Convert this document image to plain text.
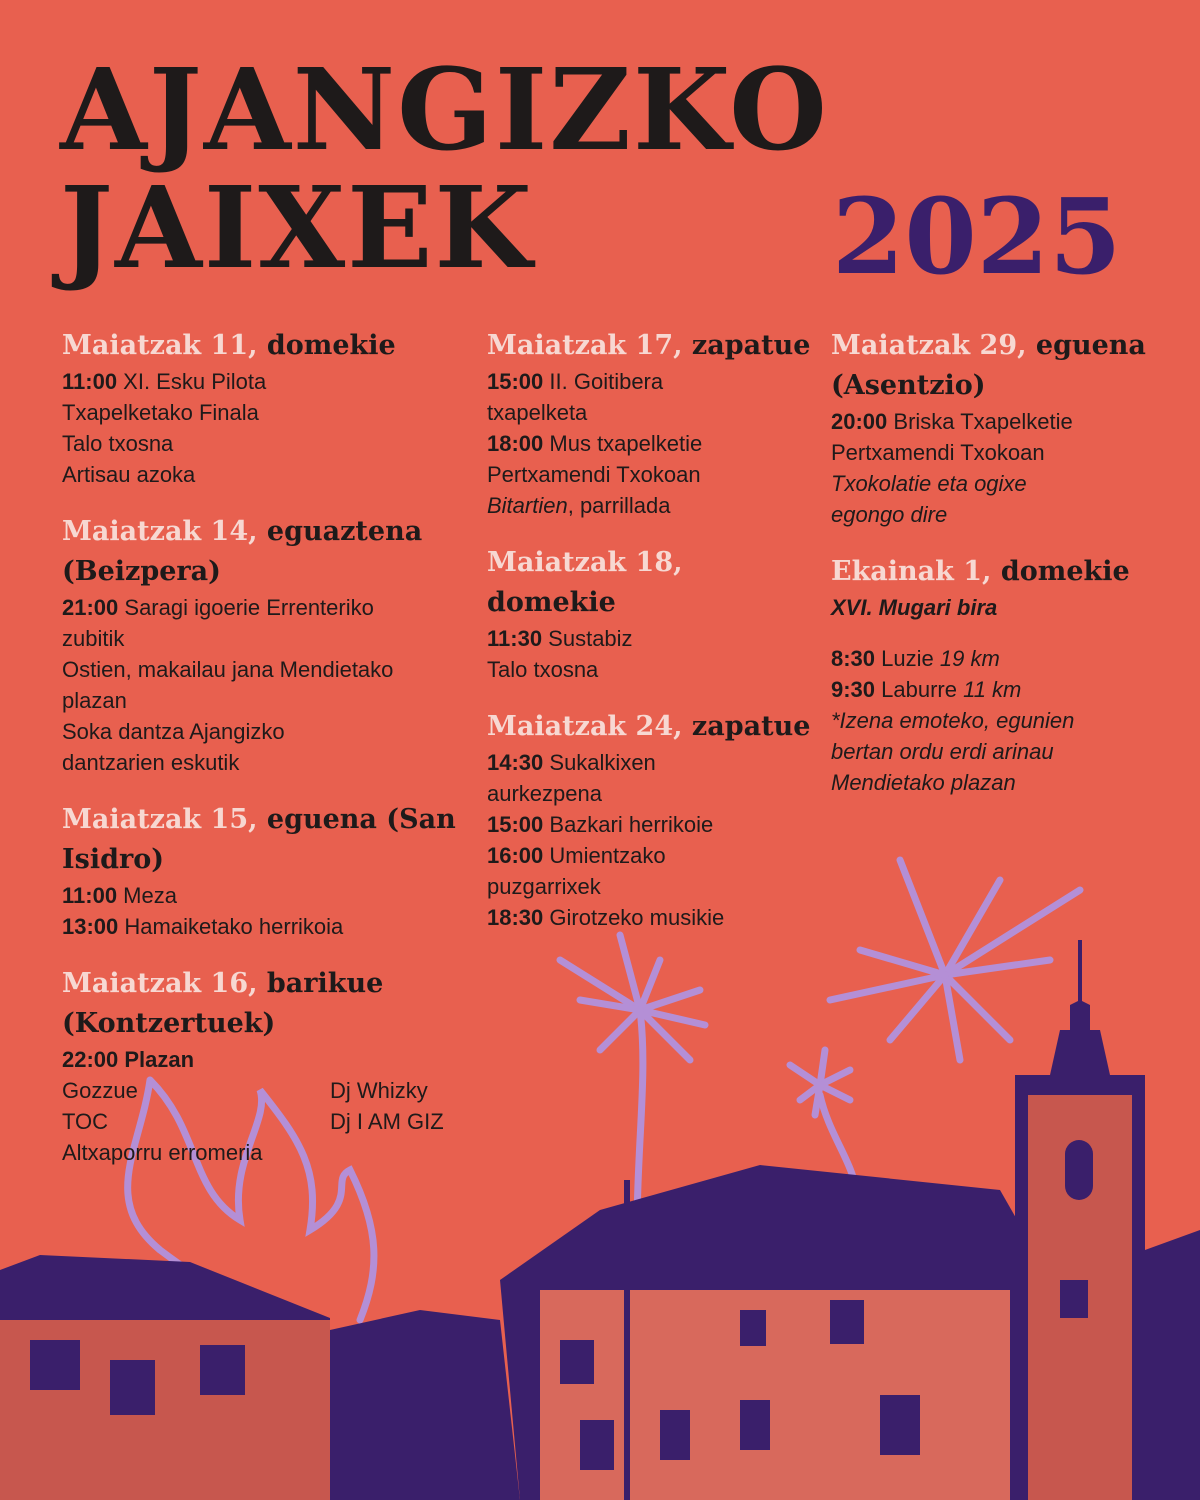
AJANGIZKO
JAIXEK	2025
Maiatzak 11, domekie
11:00 XI. Esku Pilota
Txapelketako Finala
Talo txosna
Artisau azoka
Maiatzak 14, eguaztena
(Beizpera)
21:00 Saragi igoerie Errenteriko
zubitik
Ostien, makailau jana Mendietako
plazan
Soka dantza Ajangizko
dantzarien eskutik
Maiatzak 15, eguena (San
Isidro)
11:00 Meza
13:00 Hamaiketako herrikoia
Maiatzak 16, barikue
(Kontzertuek)
22:00 Plazan
Gozzue
TOC
Dj Whizky
Dj I AM GIZ
Altxaporru erromeria
Maiatzak 17, zapatue
15:00 II. Goitibera
txapelketa
18:00 Mus txapelketie
Pertxamendi Txokoan
Bitartien, parrillada
Maiatzak 18, domekie
11:30 Sustabiz
Talo txosna
Maiatzak 24, zapatue
14:30 Sukalkixen
aurkezpena
15:00 Bazkari herrikoie
16:00 Umientzako
puzgarrixek
18:30 Girotzeko musikie
Maiatzak 29, eguena
(Asentzio)
20:00 Briska Txapelketie
Pertxamendi Txokoan
Txokolatie eta ogixe
egongo dire
Ekainak 1, domekie
XVI. Mugari bira
8:30 Luzie 19 km
9:30 Laburre 11 km
*Izena emoteko, egunien
bertan ordu erdi arinau
Mendietako plazan
